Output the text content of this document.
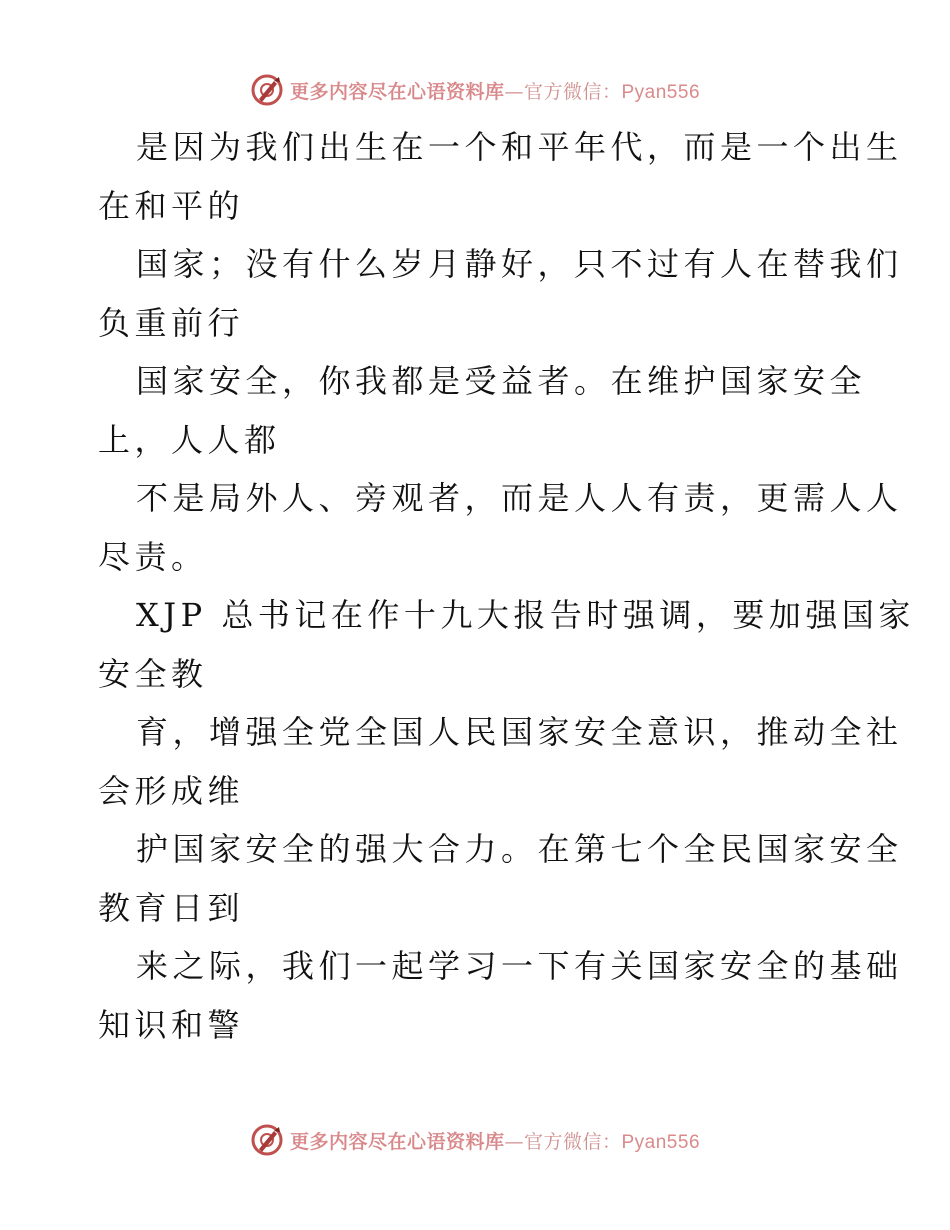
更多内容尽在心语资料库—官方微信：Pyan556
是因为我们出生在一个和平年代，而是一个出生
在和平的
国家；没有什么岁月静好，只不过有人在替我们
负重前行
国家安全，你我都是受益者。在维护国家安全
上，人人都
不是局外人、旁观者，而是人人有责，更需人人
尽责。
XJP 总书记在作十九大报告时强调，要加强国家
安全教
育，增强全党全国人民国家安全意识，推动全社
会形成维
护国家安全的强大合力。在第七个全民国家安全
教育日到
来之际，我们一起学习一下有关国家安全的基础
知识和警
更多内容尽在心语资料库—官方微信：Pyan556
